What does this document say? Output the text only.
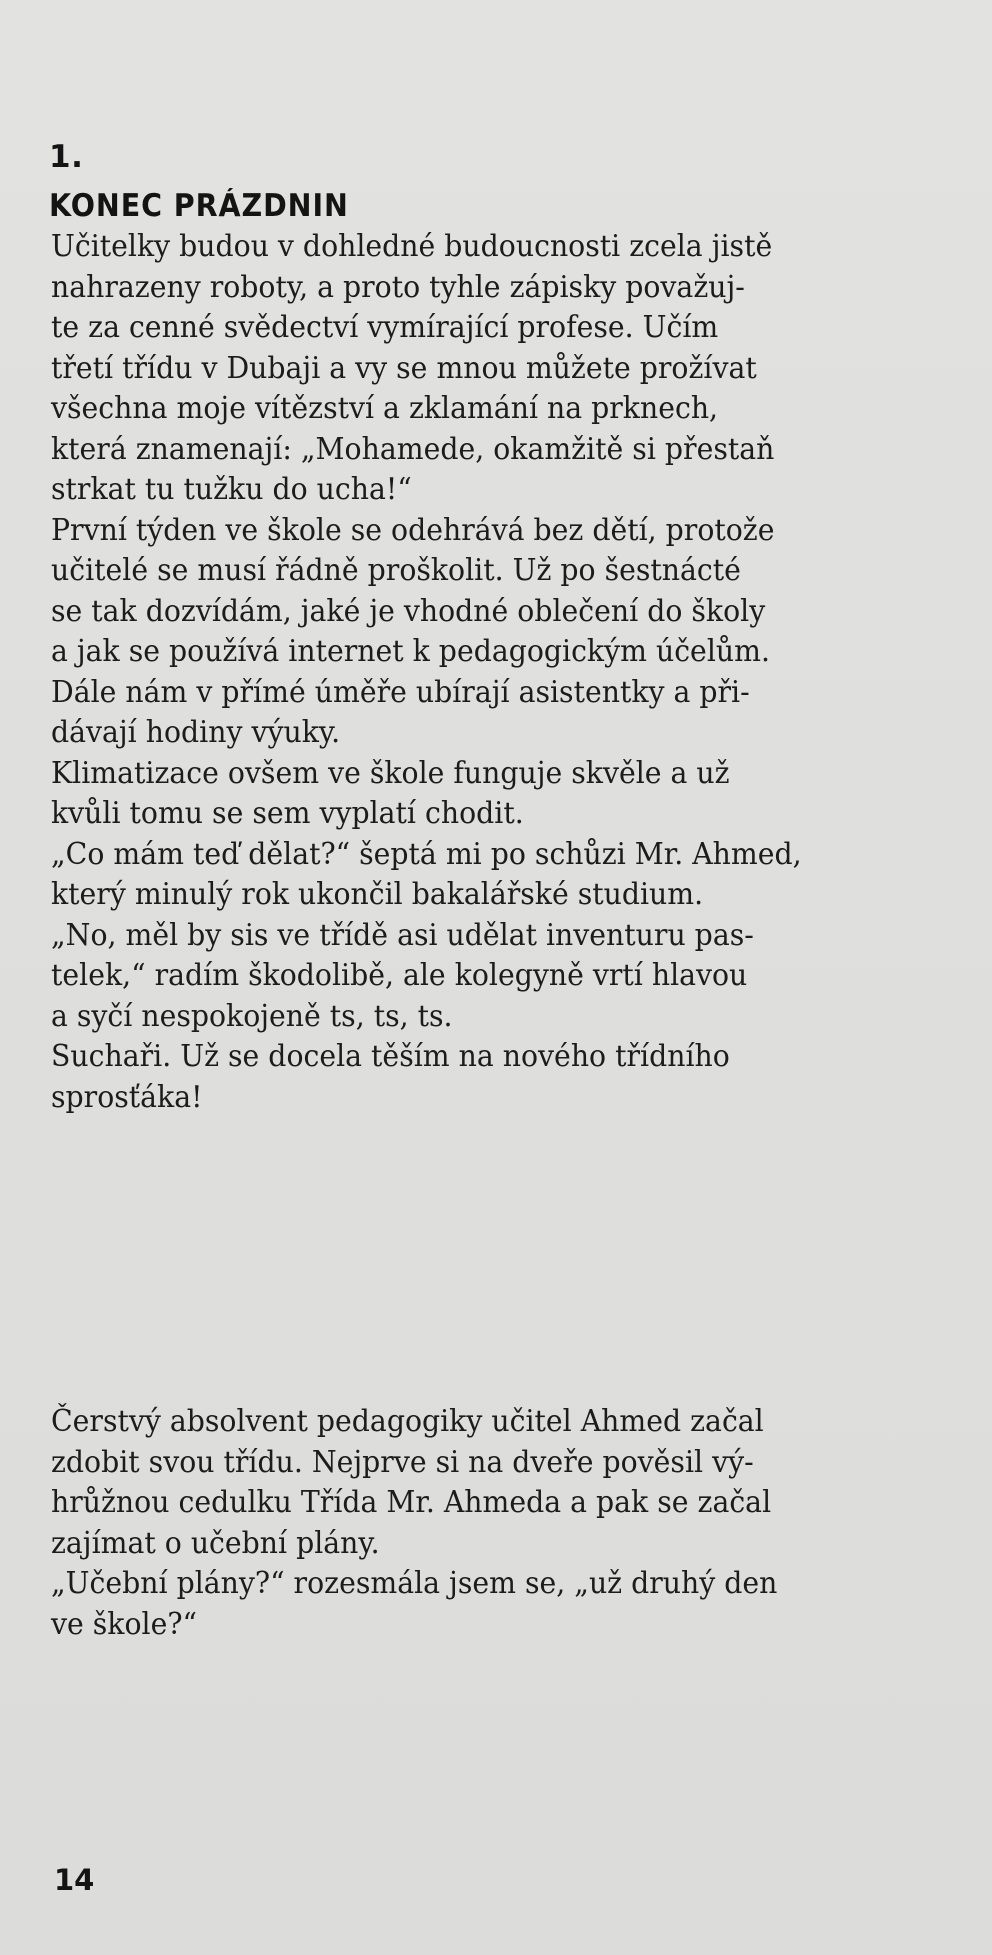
1.
KONEC PRÁZDNIN
Učitelky budou v dohledné budoucnosti zcela jistě
nahrazeny roboty, a proto tyhle zápisky považuj-
te za cenné svědectví vymírající profese. Učím
třetí třídu v Dubaji a vy se mnou můžete prožívat
všechna moje vítězství a zklamání na prknech,
která znamenají: „Mohamede, okamžitě si přestaň
strkat tu tužku do ucha!“
První týden ve škole se odehrává bez dětí, protože
učitelé se musí řádně proškolit. Už po šestnácté
se tak dozvídám, jaké je vhodné oblečení do školy
a jak se používá internet k pedagogickým účelům.
Dále nám v přímé úměře ubírají asistentky a při-
dávají hodiny výuky.
Klimatizace ovšem ve škole funguje skvěle a už
kvůli tomu se sem vyplatí chodit.
„Co mám teď dělat?“ šeptá mi po schůzi Mr. Ahmed,
který minulý rok ukončil bakalářské studium.
„No, měl by sis ve třídě asi udělat inventuru pas-
telek,“ radím škodolibě, ale kolegyně vrtí hlavou
a syčí nespokojeně ts, ts, ts.
Suchaři. Už se docela těším na nového třídního
sprosťáka!
Čerstvý absolvent pedagogiky učitel Ahmed začal
zdobit svou třídu. Nejprve si na dveře pověsil vý-
hrůžnou cedulku Třída Mr. Ahmeda a pak se začal
zajímat o učební plány.
„Učební plány?“ rozesmála jsem se, „už druhý den
ve škole?“
14
